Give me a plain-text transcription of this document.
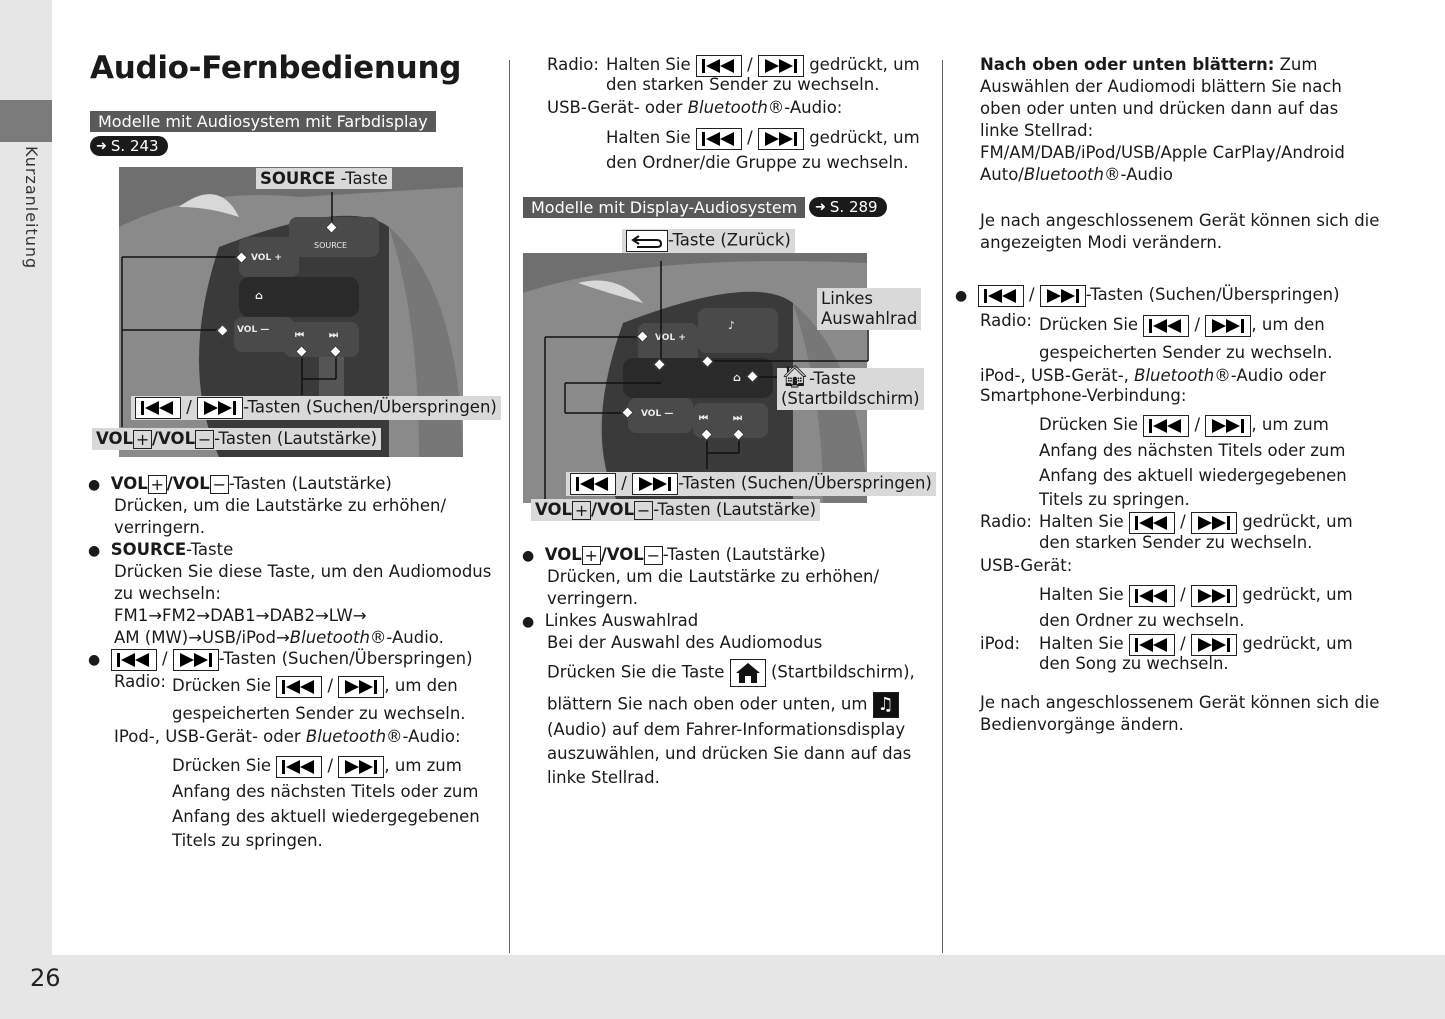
Kurzanleitung
26
Audio-Fernbedienung
Modelle mit Audiosystem mit Farbdisplay
➜ S. 243
VOL +
VOL —
SOURCE
⌂
⏮	⏭
SOURCE -Taste
/	-Tasten (Suchen/Überspringen)
VOL + /VOL − -Tasten (Lautstärke)
● VOL + /VOL − -Tasten (Lautstärke)
Drücken, um die Lautstärke zu erhöhen/
verringern.
● SOURCE-Taste
Drücken Sie diese Taste, um den Audiomodus
zu wechseln:
FM1→FM2→DAB1→DAB2→LW→
AM (MW)→USB/iPod→Bluetooth®-Audio.
●	/	-Tasten (Suchen/Überspringen)
Radio: Drücken Sie	/	, um den
gespeicherten Sender zu wechseln.
IPod-, USB-Gerät- oder Bluetooth®-Audio:
Drücken Sie	/	, um zum
Anfang des nächsten Titels oder zum
Anfang des aktuell wiedergegebenen
Titels zu springen.
Radio: Halten Sie	/	gedrückt, um
den starken Sender zu wechseln.
USB-Gerät- oder Bluetooth®-Audio:
Halten Sie	/	gedrückt, um
den Ordner/die Gruppe zu wechseln.
Modelle mit Display-Audiosystem	➜ S. 289
VOL +
VOL —
♪
⌂
⏮	⏭
-Taste (Zurück)
Linkes
Auswahlrad
🏠︎-Taste
(Startbildschirm)
/	-Tasten (Suchen/Überspringen)
VOL + /VOL − -Tasten (Lautstärke)
● VOL + /VOL − -Tasten (Lautstärke)
Drücken, um die Lautstärke zu erhöhen/
verringern.
● Linkes Auswahlrad
Bei der Auswahl des Audiomodus
Drücken Sie die Taste	(Startbildschirm),
blättern Sie nach oben oder unten, um ♫
(Audio) auf dem Fahrer-Informationsdisplay
auszuwählen, und drücken Sie dann auf das
linke Stellrad.
Nach oben oder unten blättern: Zum
Auswählen der Audiomodi blättern Sie nach
oben oder unten und drücken dann auf das
linke Stellrad:
FM/AM/DAB/iPod/USB/Apple CarPlay/Android
Auto/Bluetooth®-Audio
Je nach angeschlossenem Gerät können sich die
angezeigten Modi verändern.
●	/	-Tasten (Suchen/Überspringen)
Radio: Drücken Sie	/	, um den
gespeicherten Sender zu wechseln.
iPod-, USB-Gerät-, Bluetooth®-Audio oder
Smartphone-Verbindung:
Drücken Sie	/	, um zum
Anfang des nächsten Titels oder zum
Anfang des aktuell wiedergegebenen
Titels zu springen.
Radio: Halten Sie	/	gedrückt, um
den starken Sender zu wechseln.
USB-Gerät:
Halten Sie	/	gedrückt, um
den Ordner zu wechseln.
iPod: Halten Sie	/	gedrückt, um
den Song zu wechseln.
Je nach angeschlossenem Gerät können sich die
Bedienvorgänge ändern.
